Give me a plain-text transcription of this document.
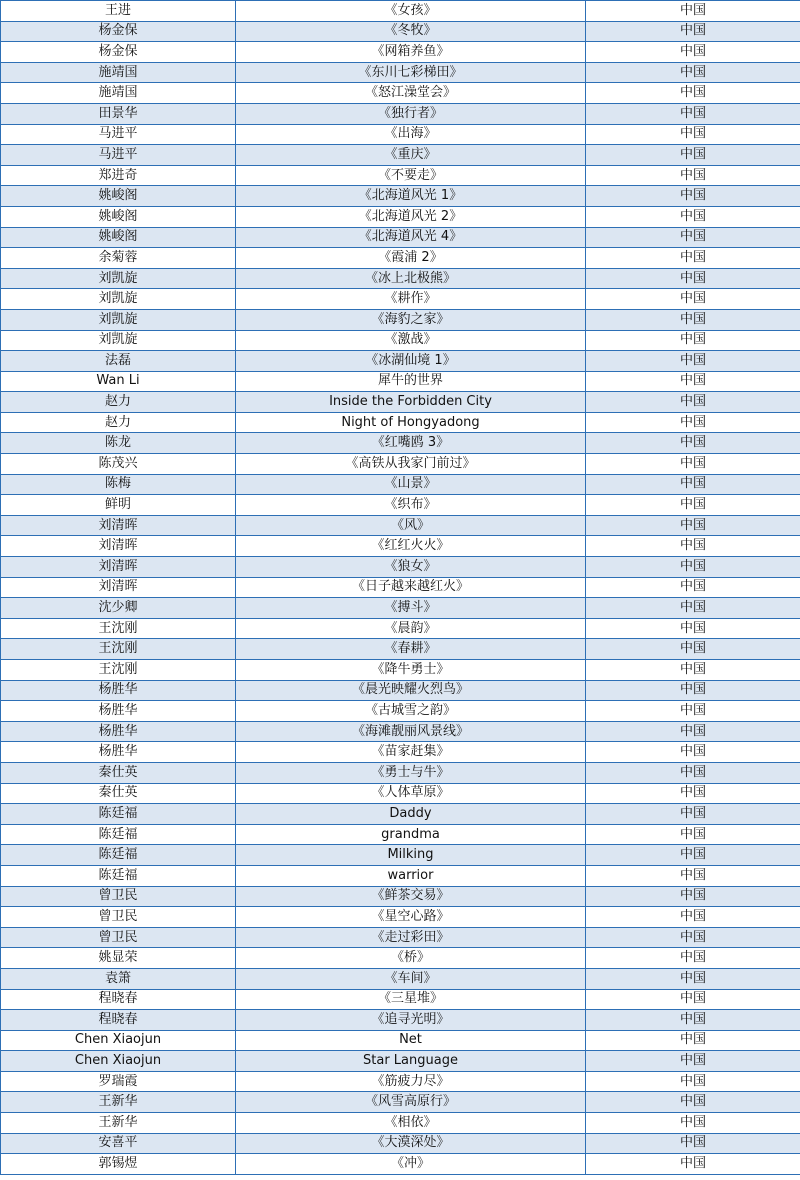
王进	《女孩》	中国
杨金保	《冬牧》	中国
杨金保	《网箱养鱼》	中国
施靖国	《东川七彩梯田》	中国
施靖国	《怒江澡堂会》	中国
田景华	《独行者》	中国
马进平	《出海》	中国
马进平	《重庆》	中国
郑进奇	《不要走》	中国
姚峻阁	《北海道风光 1》	中国
姚峻阁	《北海道风光 2》	中国
姚峻阁	《北海道风光 4》	中国
余菊蓉	《霞浦 2》	中国
刘凯旋	《冰上北极熊》	中国
刘凯旋	《耕作》	中国
刘凯旋	《海豹之家》	中国
刘凯旋	《激战》	中国
法磊	《冰湖仙境 1》	中国
Wan Li	犀牛的世界	中国
赵力	Inside the Forbidden City	中国
赵力	Night of Hongyadong	中国
陈龙	《红嘴鸥 3》	中国
陈茂兴	《高铁从我家门前过》	中国
陈梅	《山景》	中国
鲜明	《织布》	中国
刘清晖	《风》	中国
刘清晖	《红红火火》	中国
刘清晖	《狼女》	中国
刘清晖	《日子越来越红火》	中国
沈少卿	《搏斗》	中国
王沈刚	《晨韵》	中国
王沈刚	《春耕》	中国
王沈刚	《降牛勇士》	中国
杨胜华	《晨光映耀火烈鸟》	中国
杨胜华	《古城雪之韵》	中国
杨胜华	《海滩靓丽风景线》	中国
杨胜华	《苗家赶集》	中国
秦仕英	《勇士与牛》	中国
秦仕英	《人体草原》	中国
陈廷福	Daddy	中国
陈廷福	grandma	中国
陈廷福	Milking	中国
陈廷福	warrior	中国
曾卫民	《鲜茶交易》	中国
曾卫民	《星空心路》	中国
曾卫民	《走过彩田》	中国
姚显荣	《桥》	中国
袁箫	《车间》	中国
程晓春	《三星堆》	中国
程晓春	《追寻光明》	中国
Chen Xiaojun	Net	中国
Chen Xiaojun	Star Language	中国
罗瑞霞	《筋疲力尽》	中国
王新华	《风雪高原行》	中国
王新华	《相依》	中国
安喜平	《大漠深处》	中国
郭锡煜	《冲》	中国
